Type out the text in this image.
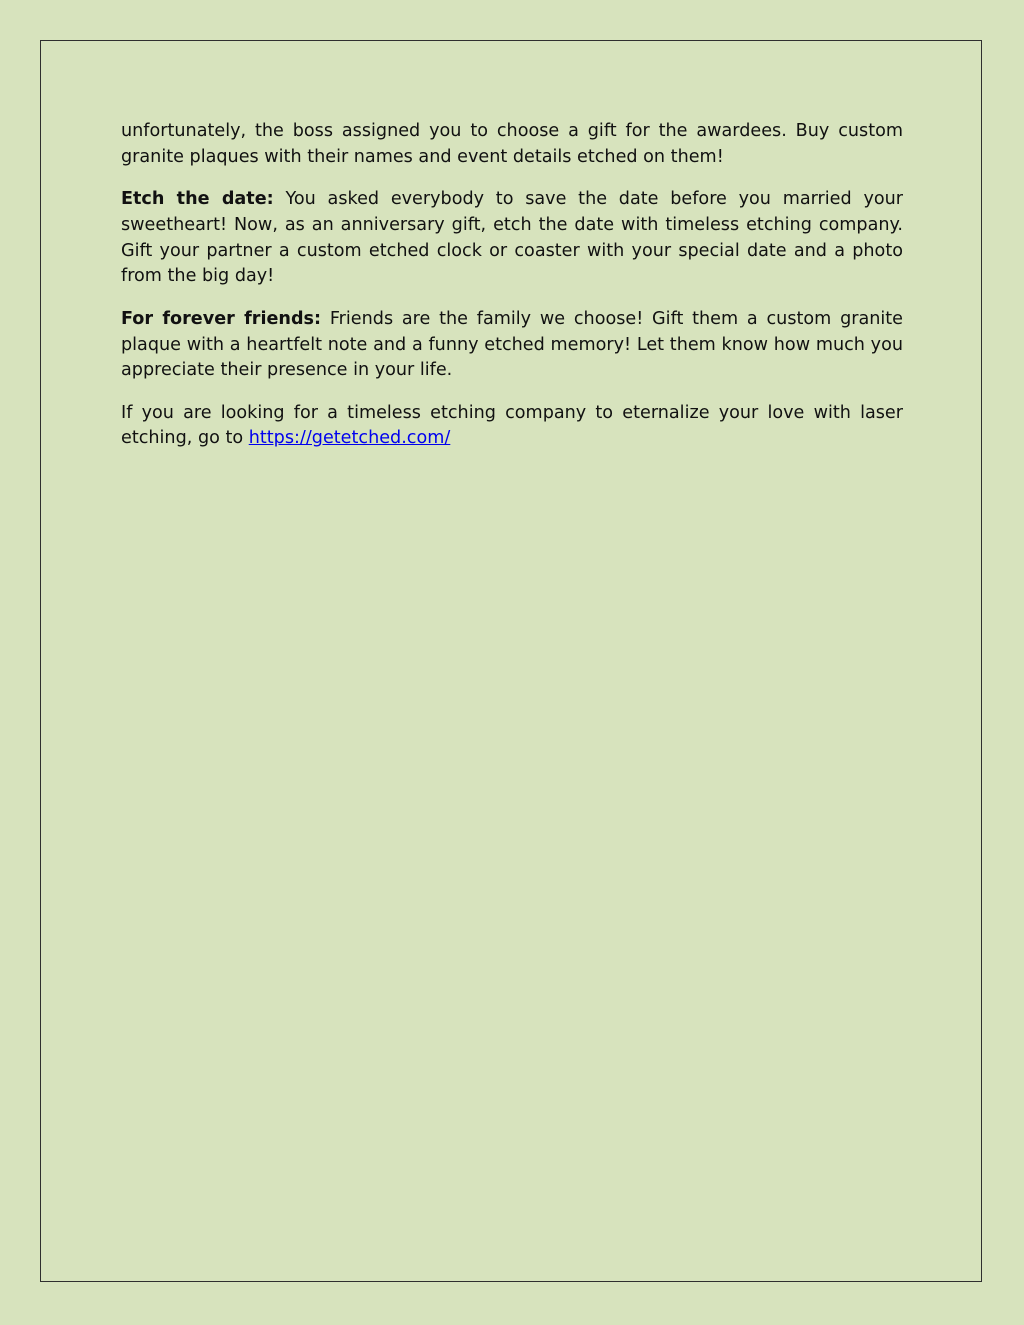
unfortunately, the boss assigned you to choose a gift for the awardees. Buy custom granite plaques with their names and event details etched on them!

Etch the date: You asked everybody to save the date before you married your sweetheart! Now, as an anniversary gift, etch the date with timeless etching company. Gift your partner a custom etched clock or coaster with your special date and a photo from the big day!

For forever friends: Friends are the family we choose! Gift them a custom granite plaque with a heartfelt note and a funny etched memory! Let them know how much you appreciate their presence in your life.

If you are looking for a timeless etching company to eternalize your love with laser etching, go to https://getetched.com/
